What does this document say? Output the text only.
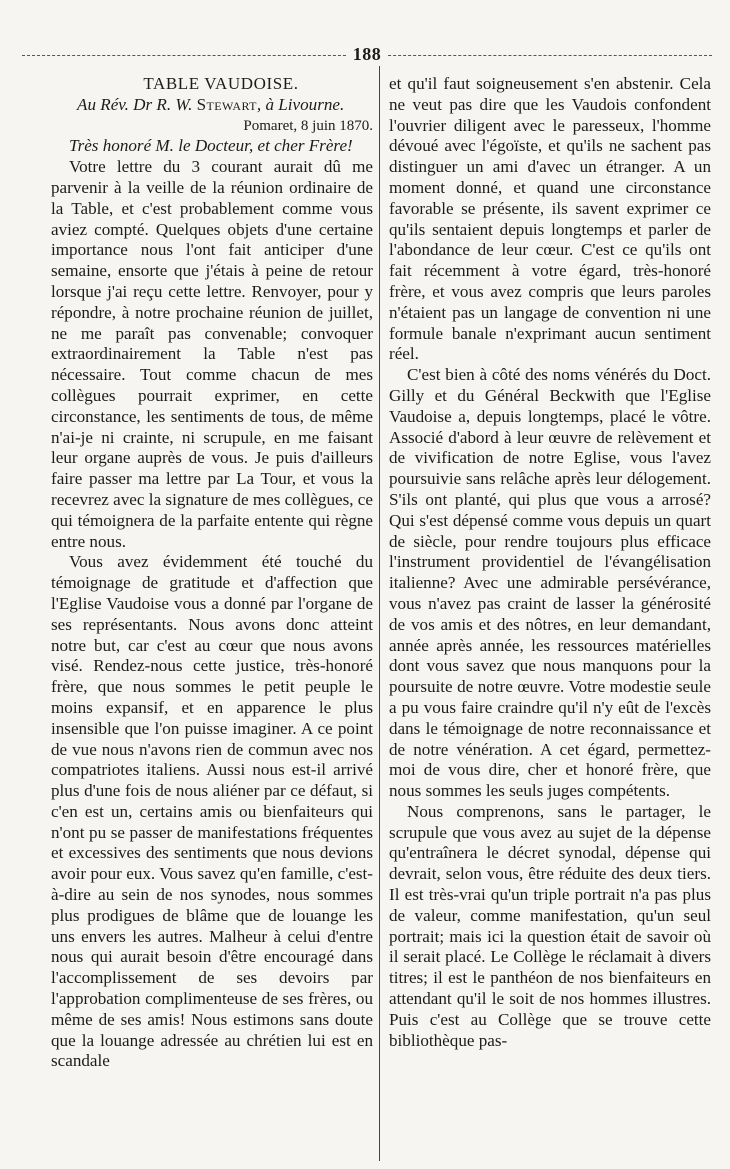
188

TABLE VAUDOISE.

Au Rév. Dr R. W. Stewart, à Livourne.

Pomaret, 8 juin 1870.

Très honoré M. le Docteur, et cher Frère!

Votre lettre du 3 courant aurait dû me parvenir à la veille de la réunion ordinaire de la Table, et c'est probablement comme vous aviez compté. Quelques objets d'une certaine importance nous l'ont fait anticiper d'une semaine, ensorte que j'étais à peine de retour lorsque j'ai reçu cette lettre. Renvoyer, pour y répondre, à notre prochaine réunion de juillet, ne me paraît pas convenable; convoquer extraordinairement la Table n'est pas nécessaire. Tout comme chacun de mes collègues pourrait exprimer, en cette circonstance, les sentiments de tous, de même n'ai-je ni crainte, ni scrupule, en me faisant leur organe auprès de vous. Je puis d'ailleurs faire passer ma lettre par La Tour, et vous la recevrez avec la signature de mes collègues, ce qui témoignera de la parfaite entente qui règne entre nous.

Vous avez évidemment été touché du témoignage de gratitude et d'affection que l'Eglise Vaudoise vous a donné par l'organe de ses représentants. Nous avons donc atteint notre but, car c'est au cœur que nous avons visé. Rendez-nous cette justice, très-honoré frère, que nous sommes le petit peuple le moins expansif, et en apparence le plus insensible que l'on puisse imaginer. A ce point de vue nous n'avons rien de commun avec nos compatriotes italiens. Aussi nous est-il arrivé plus d'une fois de nous aliéner par ce défaut, si c'en est un, certains amis ou bienfaiteurs qui n'ont pu se passer de manifestations fréquentes et excessives des sentiments que nous devions avoir pour eux. Vous savez qu'en famille, c'est-à-dire au sein de nos synodes, nous sommes plus prodigues de blâme que de louange les uns envers les autres. Malheur à celui d'entre nous qui aurait besoin d'être encouragé dans l'accomplissement de ses devoirs par l'approbation complimenteuse de ses frères, ou même de ses amis! Nous estimons sans doute que la louange adressée au chrétien lui est en scandale

et qu'il faut soigneusement s'en abstenir. Cela ne veut pas dire que les Vaudois confondent l'ouvrier diligent avec le paresseux, l'homme dévoué avec l'égoïste, et qu'ils ne sachent pas distinguer un ami d'avec un étranger. A un moment donné, et quand une circonstance favorable se présente, ils savent exprimer ce qu'ils sentaient depuis longtemps et parler de l'abondance de leur cœur. C'est ce qu'ils ont fait récemment à votre égard, très-honoré frère, et vous avez compris que leurs paroles n'étaient pas un langage de convention ni une formule banale n'exprimant aucun sentiment réel.

C'est bien à côté des noms vénérés du Doct. Gilly et du Général Beckwith que l'Eglise Vaudoise a, depuis longtemps, placé le vôtre. Associé d'abord à leur œuvre de relèvement et de vivification de notre Eglise, vous l'avez poursuivie sans relâche après leur délogement. S'ils ont planté, qui plus que vous a arrosé? Qui s'est dépensé comme vous depuis un quart de siècle, pour rendre toujours plus efficace l'instrument providentiel de l'évangélisation italienne? Avec une admirable persévérance, vous n'avez pas craint de lasser la générosité de vos amis et des nôtres, en leur demandant, année après année, les ressources matérielles dont vous savez que nous manquons pour la poursuite de notre œuvre. Votre modestie seule a pu vous faire craindre qu'il n'y eût de l'excès dans le témoignage de notre reconnaissance et de notre vénération. A cet égard, permettez-moi de vous dire, cher et honoré frère, que nous sommes les seuls juges compétents.

Nous comprenons, sans le partager, le scrupule que vous avez au sujet de la dépense qu'entraînera le décret synodal, dépense qui devrait, selon vous, être réduite des deux tiers. Il est très-vrai qu'un triple portrait n'a pas plus de valeur, comme manifestation, qu'un seul portrait; mais ici la question était de savoir où il serait placé. Le Collège le réclamait à divers titres; il est le panthéon de nos bienfaiteurs en attendant qu'il le soit de nos hommes illustres. Puis c'est au Collège que se trouve cette bibliothèque pas-
